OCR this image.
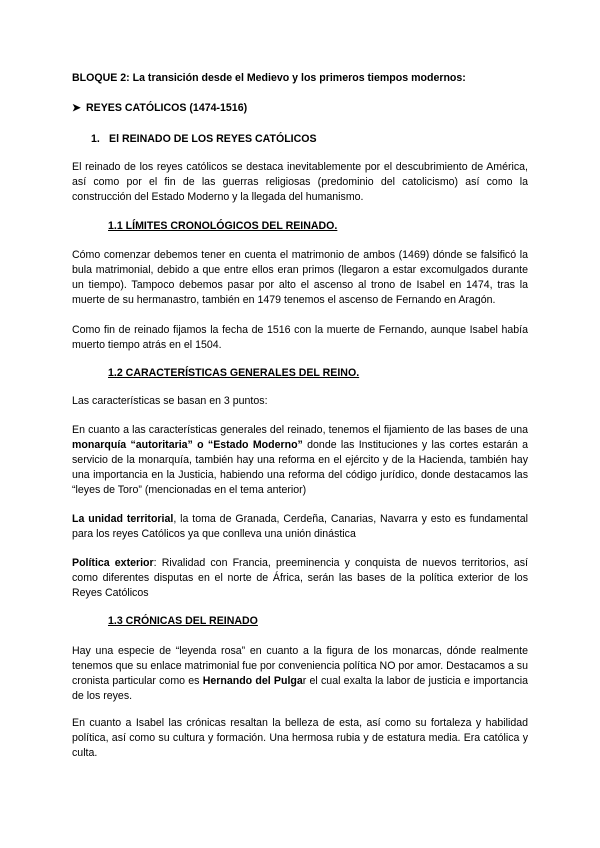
BLOQUE 2: La transición desde el Medievo y los primeros tiempos modernos:
➤ REYES CATÓLICOS (1474-1516)
1. El REINADO DE LOS REYES CATÓLICOS
El reinado de los reyes católicos se destaca inevitablemente por el descubrimiento de América, así como por el fin de las guerras religiosas (predominio del catolicismo) así como la construcción del Estado Moderno y la llegada del humanismo.
1.1 LÍMITES CRONOLÓGICOS DEL REINADO.
Cómo comenzar debemos tener en cuenta el matrimonio de ambos (1469) dónde se falsificó la bula matrimonial, debido a que entre ellos eran primos (llegaron a estar excomulgados durante un tiempo). Tampoco debemos pasar por alto el ascenso al trono de Isabel en 1474, tras la muerte de su hermanastro, también en 1479 tenemos el ascenso de Fernando en Aragón.
Como fin de reinado fijamos la fecha de 1516 con la muerte de Fernando, aunque Isabel había muerto tiempo atrás en el 1504.
1.2 CARACTERÍSTICAS GENERALES DEL REINO.
Las características se basan en 3 puntos:
En cuanto a las características generales del reinado, tenemos el fijamiento de las bases de una monarquía “autoritaria” o “Estado Moderno” donde las Instituciones y las cortes estarán a servicio de la monarquía, también hay una reforma en el ejército y de la Hacienda, también hay una importancia en la Justicia, habiendo una reforma del código jurídico, donde destacamos las “leyes de Toro” (mencionadas en el tema anterior)
La unidad territorial, la toma de Granada, Cerdeña, Canarias, Navarra y esto es fundamental para los reyes Católicos ya que conlleva una unión dinástica
Política exterior: Rivalidad con Francia, preeminencia y conquista de nuevos territorios, así como diferentes disputas en el norte de África, serán las bases de la política exterior de los Reyes Católicos
1.3 CRÓNICAS DEL REINADO
Hay una especie de “leyenda rosa” en cuanto a la figura de los monarcas, dónde realmente tenemos que su enlace matrimonial fue por conveniencia política NO por amor. Destacamos a su cronista particular como es Hernando del Pulgar el cual exalta la labor de justicia e importancia de los reyes.
En cuanto a Isabel las crónicas resaltan la belleza de esta, así como su fortaleza y habilidad política, así como su cultura y formación. Una hermosa rubia y de estatura media. Era católica y culta.
